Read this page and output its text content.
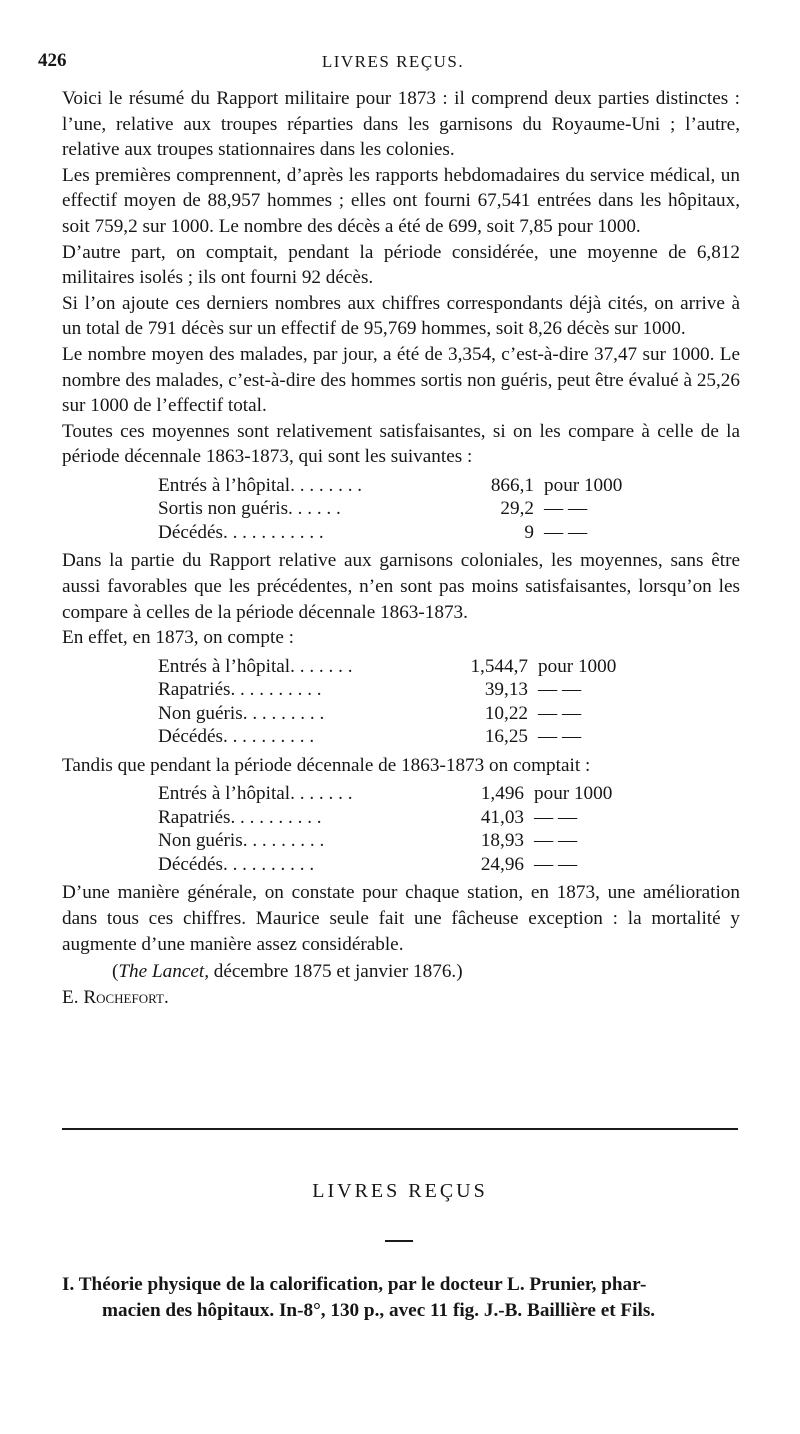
426	LIVRES REÇUS.

Voici le résumé du Rapport militaire pour 1873 : il comprend deux parties distinctes : l’une, relative aux troupes réparties dans les garnisons du Royaume-Uni ; l’autre, relative aux troupes stationnaires dans les colonies.

Les premières comprennent, d’après les rapports hebdomadaires du service médical, un effectif moyen de 88,957 hommes ; elles ont fourni 67,541 entrées dans les hôpitaux, soit 759,2 sur 1000. Le nombre des décès a été de 699, soit 7,85 pour 1000.

D’autre part, on comptait, pendant la période considérée, une moyenne de 6,812 militaires isolés ; ils ont fourni 92 décès.

Si l’on ajoute ces derniers nombres aux chiffres correspondants déjà cités, on arrive à un total de 791 décès sur un effectif de 95,769 hommes, soit 8,26 décès sur 1000.

Le nombre moyen des malades, par jour, a été de 3,354, c’est-à-dire 37,47 sur 1000. Le nombre des malades, c’est-à-dire des hommes sortis non guéris, peut être évalué à 25,26 sur 1000 de l’effectif total.

Toutes ces moyennes sont relativement satisfaisantes, si on les compare à celle de la période décennale 1863-1873, qui sont les suivantes :

Entrés à l’hôpital. . . . . . . .	866,1	pour 1000
Sortis non guéris. . . . . .	29,2	— —
Décédés. . . . . . . . . . .	9	— —

Dans la partie du Rapport relative aux garnisons coloniales, les moyennes, sans être aussi favorables que les précédentes, n’en sont pas moins satisfaisantes, lorsqu’on les compare à celles de la période décennale 1863-1873.

En effet, en 1873, on compte :

Entrés à l’hôpital. . . . . . .	1,544,7	pour 1000
Rapatriés. . . . . . . . . .	39,13	— —
Non guéris. . . . . . . . .	10,22	— —
Décédés. . . . . . . . . .	16,25	— —

Tandis que pendant la période décennale de 1863-1873 on comptait :

Entrés à l’hôpital. . . . . . .	1,496	pour 1000
Rapatriés. . . . . . . . . .	41,03	— —
Non guéris. . . . . . . . .	18,93	— —
Décédés. . . . . . . . . .	24,96	— —

D’une manière générale, on constate pour chaque station, en 1873, une amélioration dans tous ces chiffres. Maurice seule fait une fâcheuse exception : la mortalité y augmente d’une manière assez considérable.

(The Lancet, décembre 1875 et janvier 1876.)

E. Rochefort.

LIVRES REÇUS
I. Théorie physique de la calorification, par le docteur L. Prunier, phar-
macien des hôpitaux. In-8°, 130 p., avec 11 fig. J.-B. Baillière et Fils.
